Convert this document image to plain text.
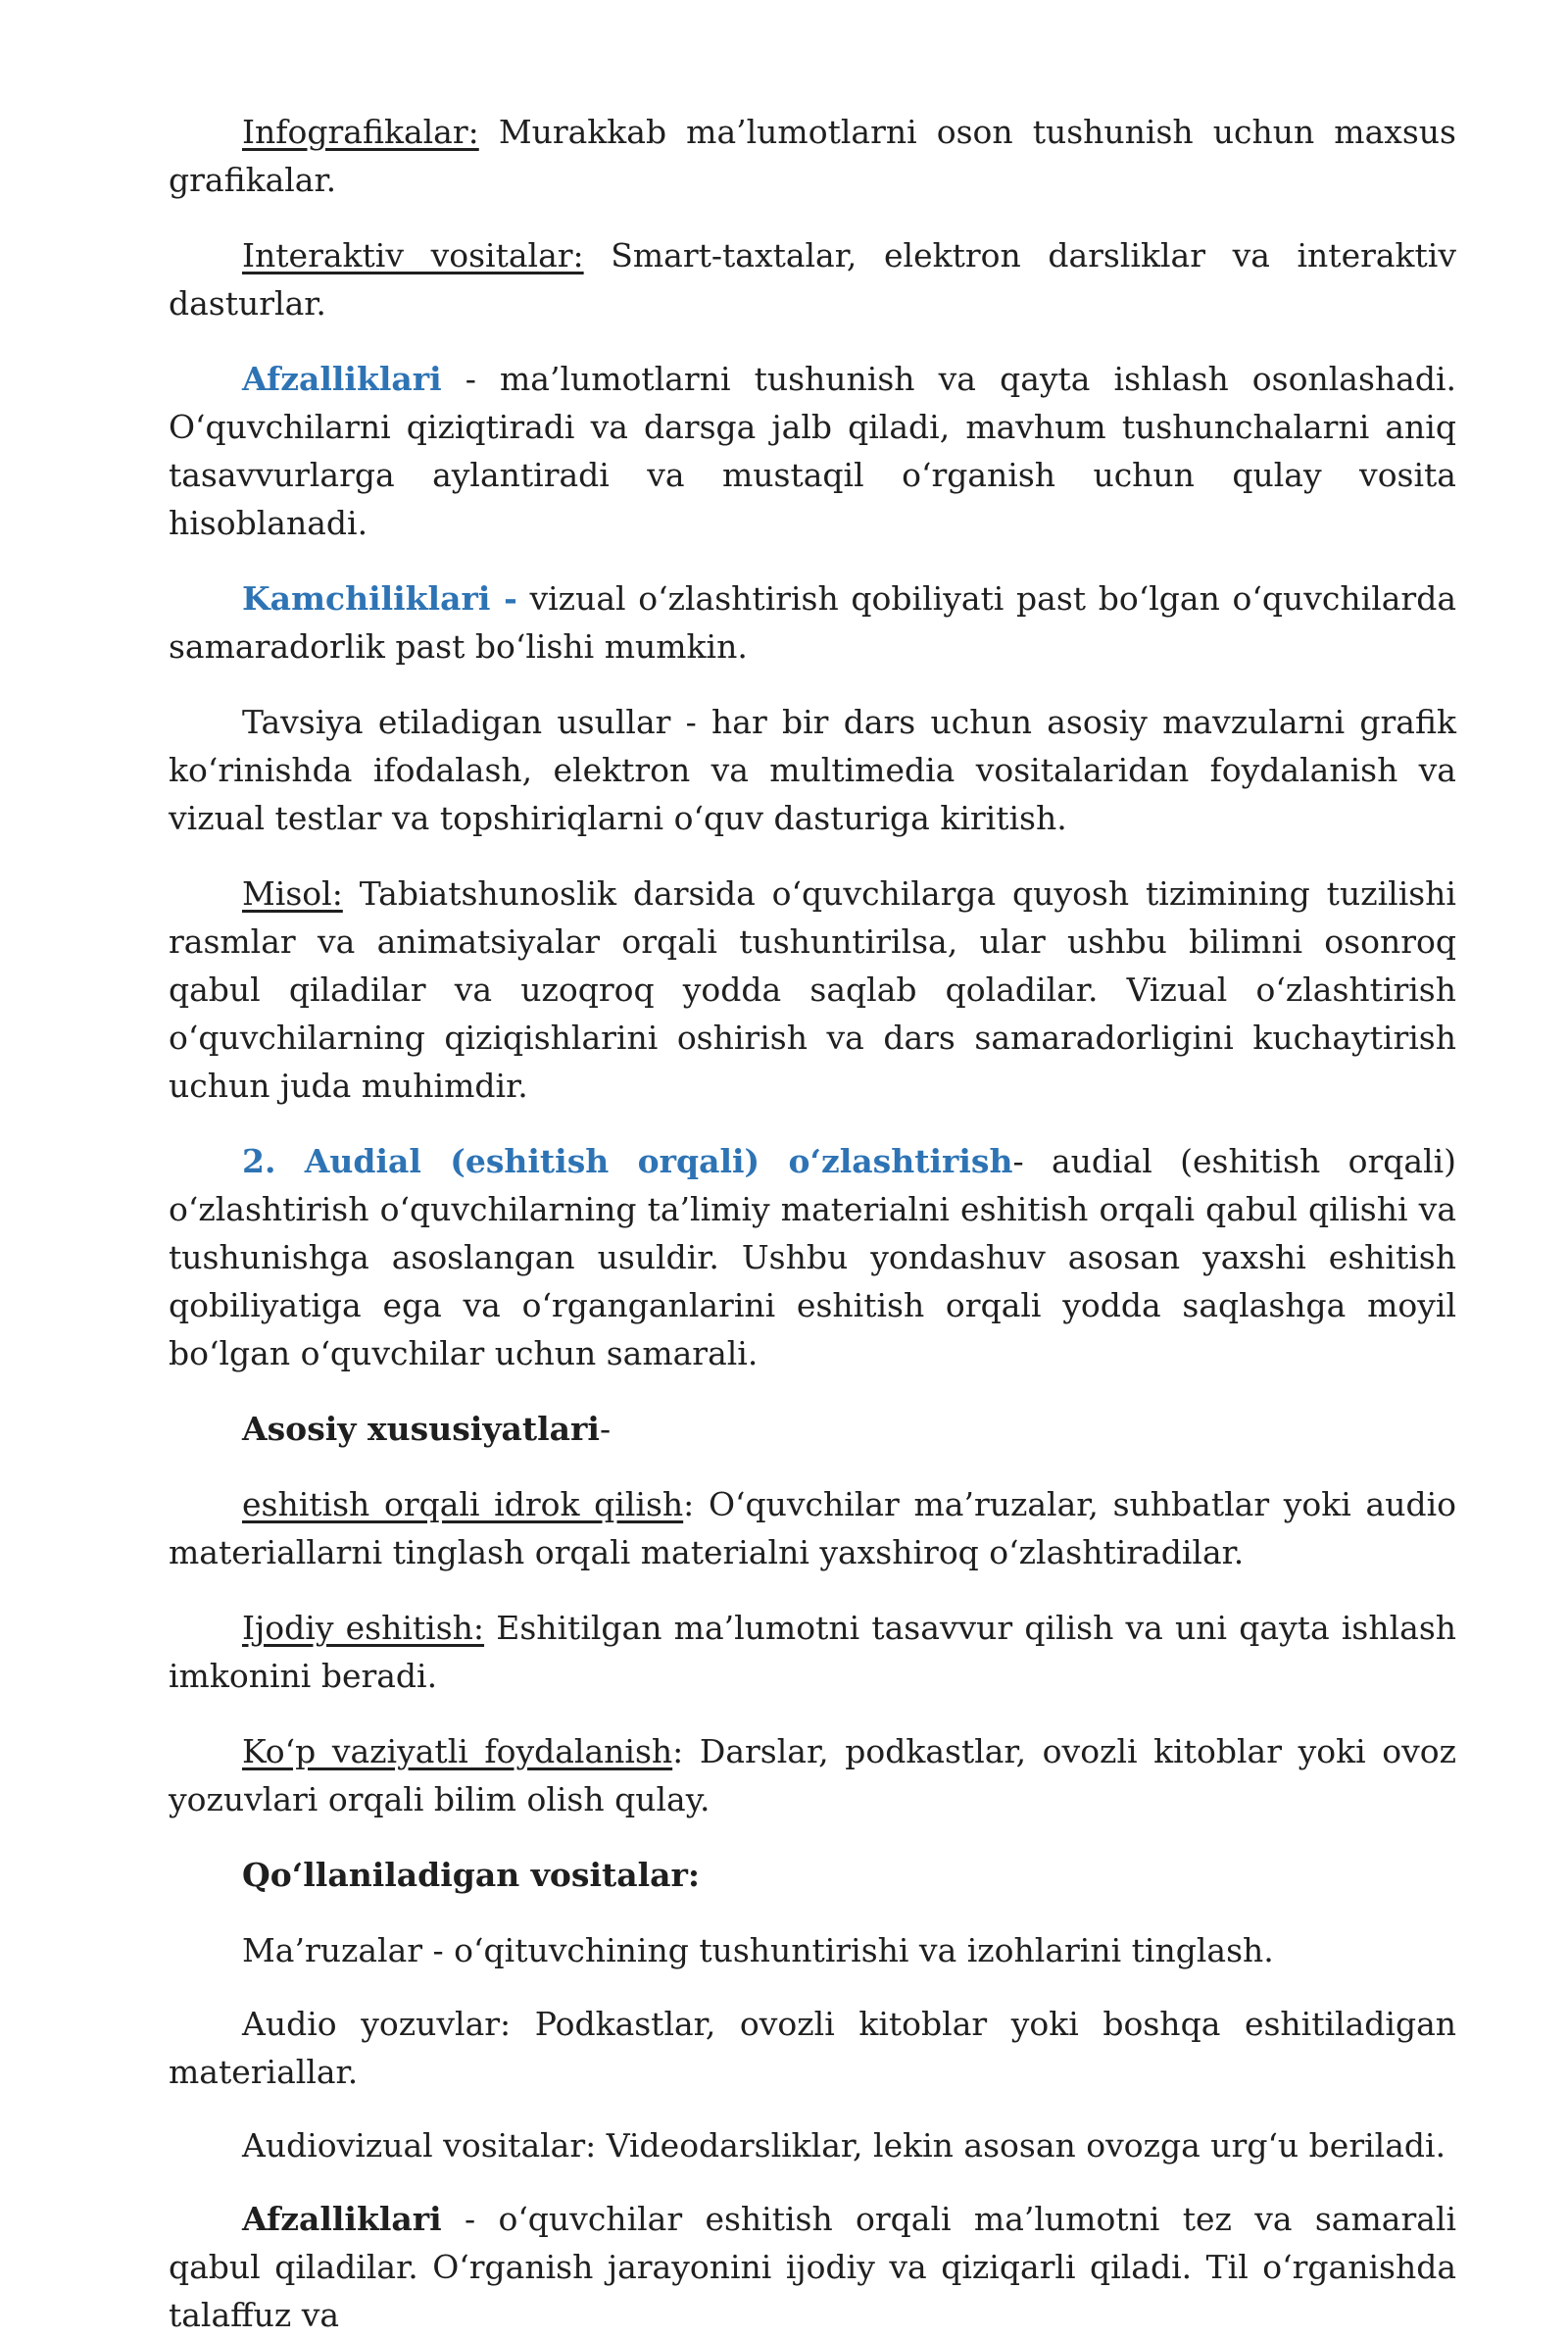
Infografikalar: Murakkab ma’lumotlarni oson tushunish uchun maxsus grafikalar.

Interaktiv vositalar: Smart-taxtalar, elektron darsliklar va interaktiv dasturlar.

Afzalliklari - ma’lumotlarni tushunish va qayta ishlash osonlashadi. O‘quvchilarni qiziqtiradi va darsga jalb qiladi, mavhum tushunchalarni aniq tasavvurlarga aylantiradi va mustaqil o‘rganish uchun qulay vosita hisoblanadi.

Kamchiliklari - vizual o‘zlashtirish qobiliyati past bo‘lgan o‘quvchilarda samaradorlik past bo‘lishi mumkin.

Tavsiya etiladigan usullar - har bir dars uchun asosiy mavzularni grafik ko‘rinishda ifodalash, elektron va multimedia vositalaridan foydalanish va vizual testlar va topshiriqlarni o‘quv dasturiga kiritish.

Misol: Tabiatshunoslik darsida o‘quvchilarga quyosh tizimining tuzilishi rasmlar va animatsiyalar orqali tushuntirilsa, ular ushbu bilimni osonroq qabul qiladilar va uzoqroq yodda saqlab qoladilar. Vizual o‘zlashtirish o‘quvchilarning qiziqishlarini oshirish va dars samaradorligini kuchaytirish uchun juda muhimdir.

2. Audial (eshitish orqali) o‘zlashtirish- audial (eshitish orqali) o‘zlashtirish o‘quvchilarning ta’limiy materialni eshitish orqali qabul qilishi va tushunishga asoslangan usuldir. Ushbu yondashuv asosan yaxshi eshitish qobiliyatiga ega va o‘rganganlarini eshitish orqali yodda saqlashga moyil bo‘lgan o‘quvchilar uchun samarali.

Asosiy xususiyatlari-

eshitish orqali idrok qilish: O‘quvchilar ma’ruzalar, suhbatlar yoki audio materiallarni tinglash orqali materialni yaxshiroq o‘zlashtiradilar.

Ijodiy eshitish: Eshitilgan ma’lumotni tasavvur qilish va uni qayta ishlash imkonini beradi.

Ko‘p vaziyatli foydalanish: Darslar, podkastlar, ovozli kitoblar yoki ovoz yozuvlari orqali bilim olish qulay.

Qo‘llaniladigan vositalar:

Ma’ruzalar - o‘qituvchining tushuntirishi va izohlarini tinglash.

Audio yozuvlar: Podkastlar, ovozli kitoblar yoki boshqa eshitiladigan materiallar.

Audiovizual vositalar: Videodarsliklar, lekin asosan ovozga urg‘u beriladi.

Afzalliklari - o‘quvchilar eshitish orqali ma’lumotni tez va samarali qabul qiladilar. O‘rganish jarayonini ijodiy va qiziqarli qiladi. Til o‘rganishda talaffuz va
